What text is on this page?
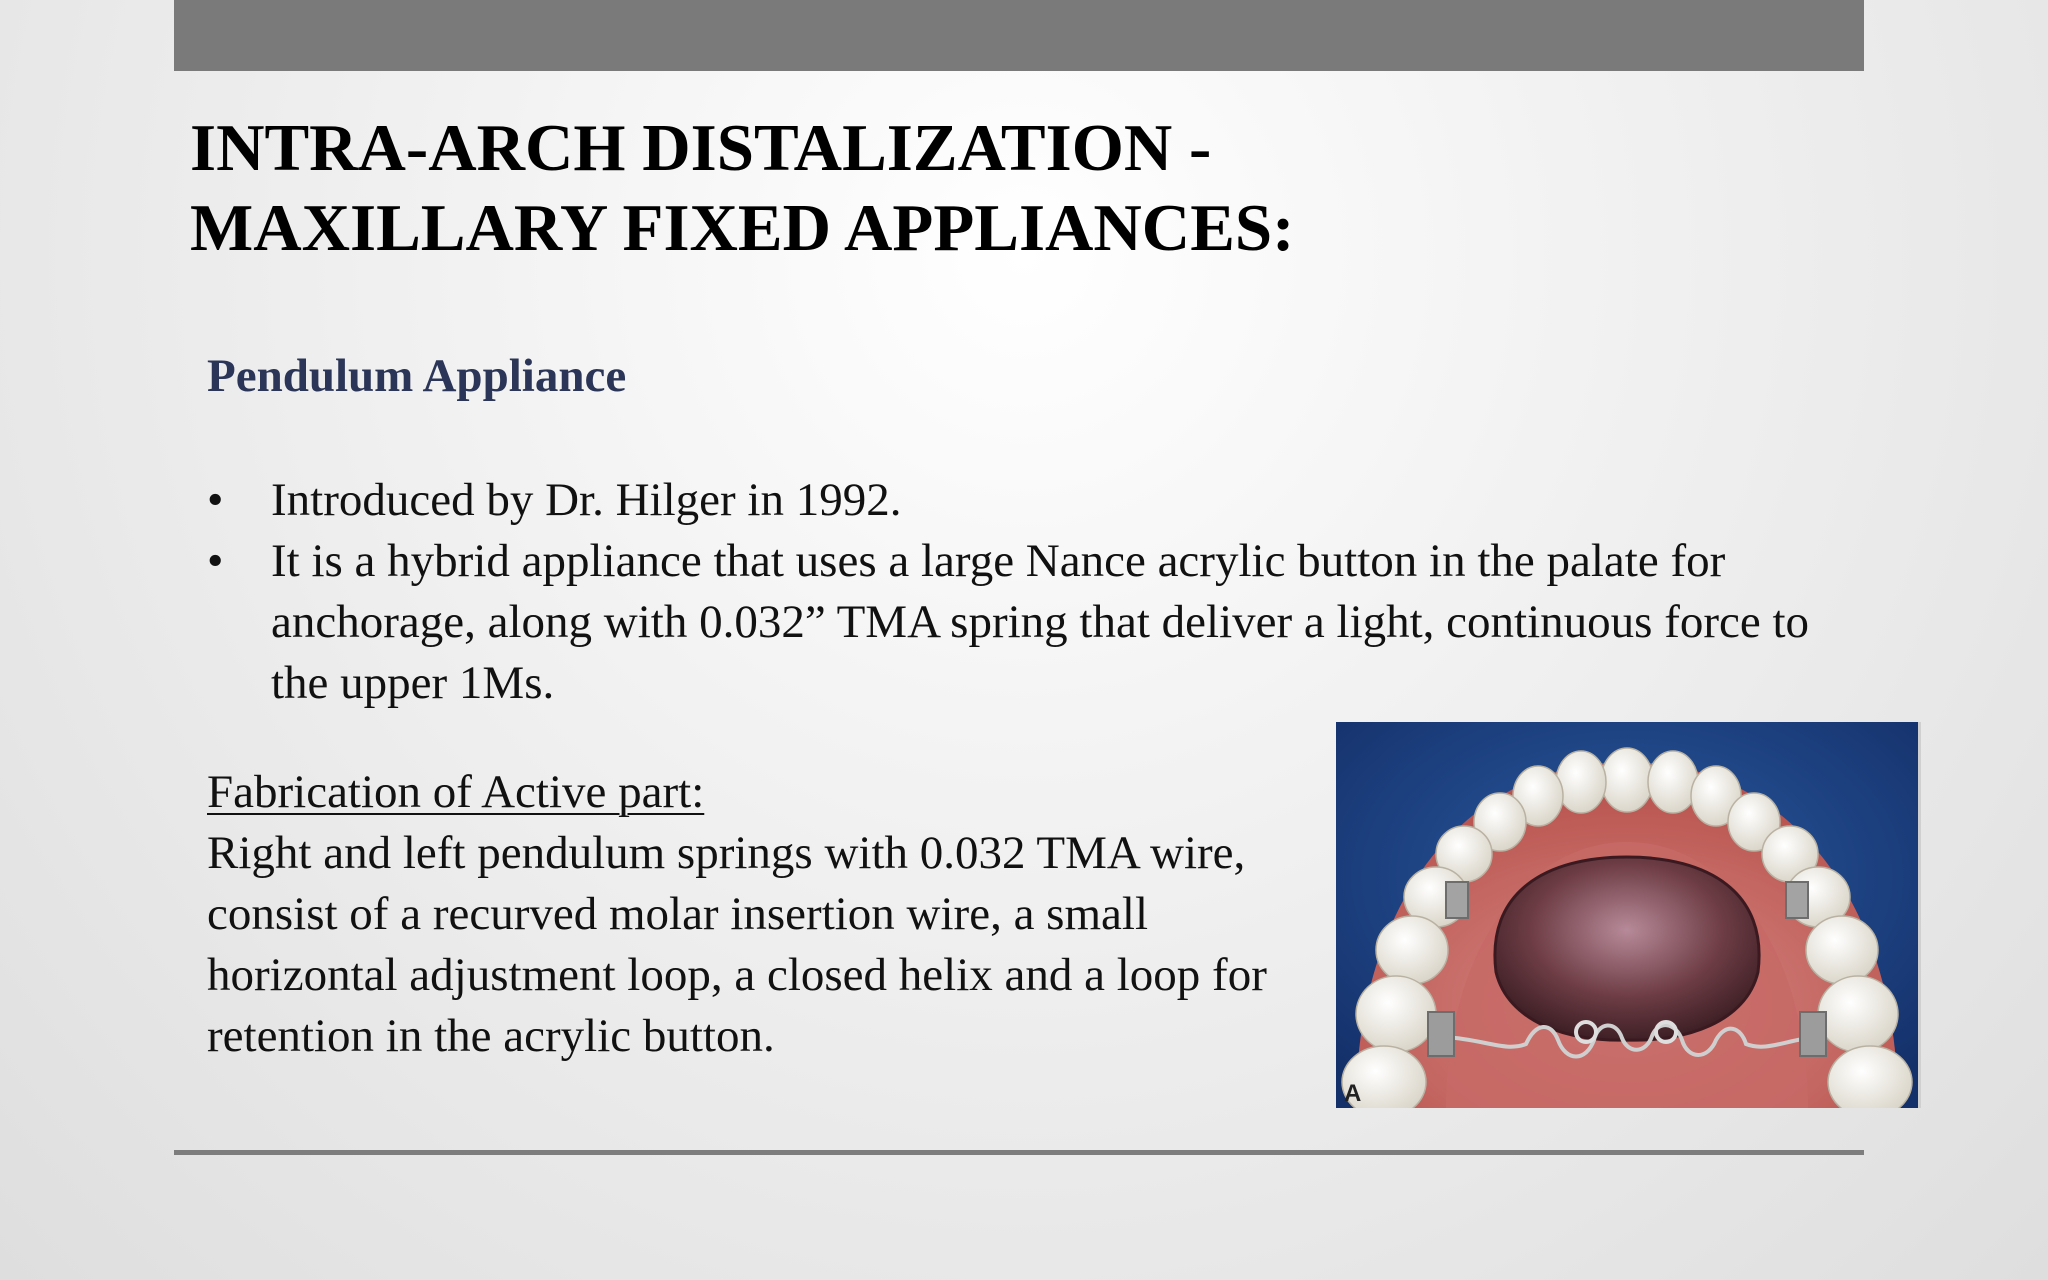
INTRA-ARCH DISTALIZATION -
MAXILLARY FIXED APPLIANCES:
Pendulum Appliance
• Introduced by Dr. Hilger in 1992.
• It is a hybrid appliance that uses a large Nance acrylic button in the palate for anchorage, along with 0.032” TMA spring that deliver a light, continuous force to the upper 1Ms.
Fabrication of Active part:
Right and left pendulum springs with 0.032 TMA wire, consist of a recurved molar insertion wire, a small horizontal adjustment loop, a closed helix and a loop for retention in the acrylic button.
A
